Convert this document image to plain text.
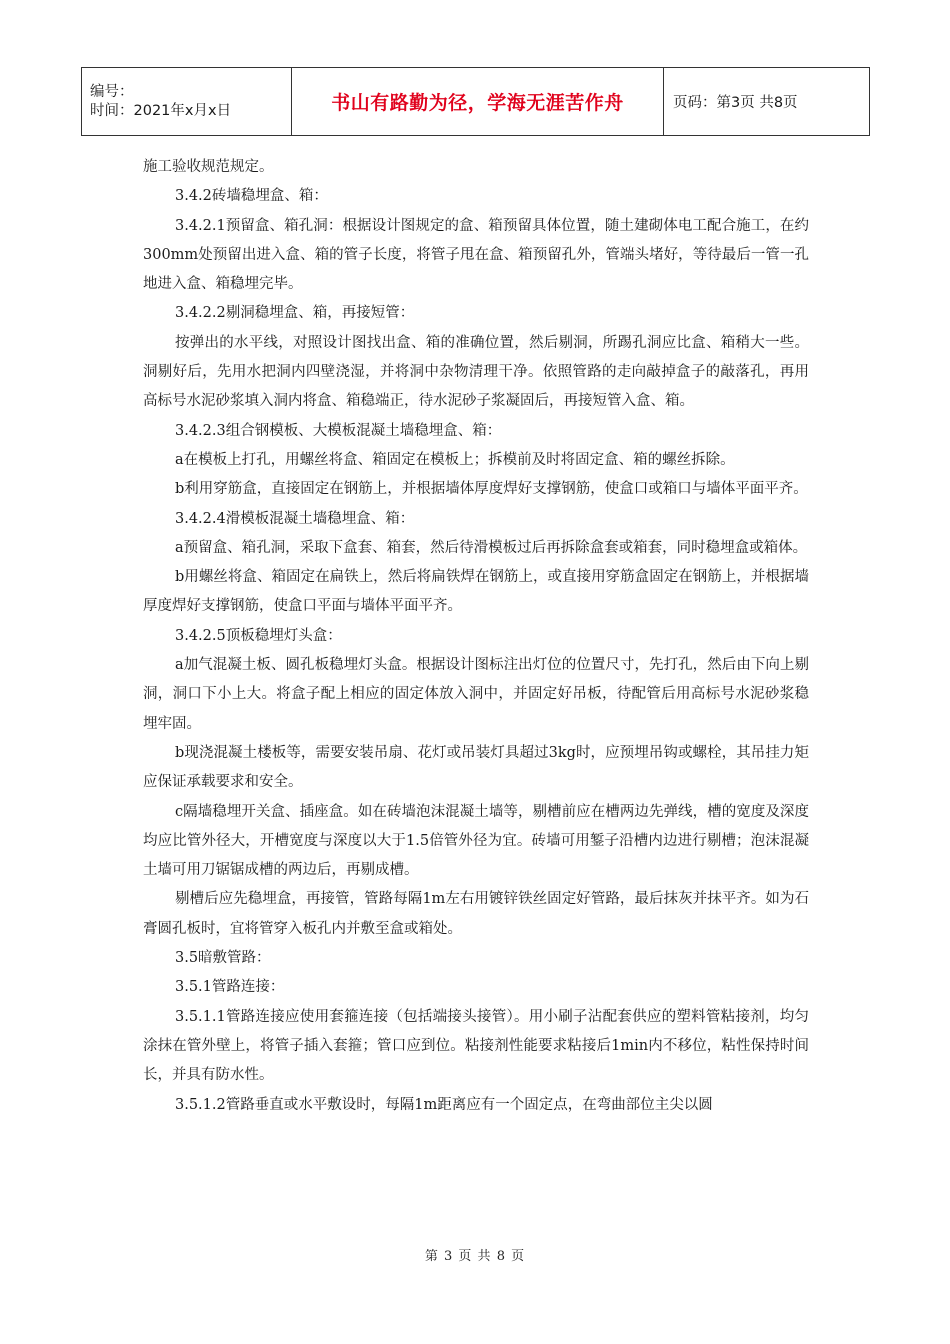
编号：
时间：2021年x月x日	书山有路勤为径，学海无涯苦作舟	页码：第3页 共8页

施工验收规范规定。

3.4.2砖墙稳埋盒、箱：

3.4.2.1预留盒、箱孔洞：根据设计图规定的盒、箱预留具体位置，随土建砌体电工配合施工，在约300mm处预留出进入盒、箱的管子长度，将管子甩在盒、箱预留孔外，管端头堵好，等待最后一管一孔地进入盒、箱稳埋完毕。

3.4.2.2剔洞稳埋盒、箱，再接短管：

按弹出的水平线，对照设计图找出盒、箱的准确位置，然后剔洞，所踢孔洞应比盒、箱稍大一些。洞剔好后，先用水把洞内四壁浇湿，并将洞中杂物清理干净。依照管路的走向敲掉盒子的敲落孔，再用高标号水泥砂浆填入洞内将盒、箱稳端正，待水泥砂子浆凝固后，再接短管入盒、箱。

3.4.2.3组合钢模板、大模板混凝土墙稳埋盒、箱：

a在模板上打孔，用螺丝将盒、箱固定在模板上；拆模前及时将固定盒、箱的螺丝拆除。

b利用穿筋盒，直接固定在钢筋上，并根据墙体厚度焊好支撑钢筋，使盒口或箱口与墙体平面平齐。

3.4.2.4滑模板混凝土墙稳埋盒、箱：

a预留盒、箱孔洞，采取下盒套、箱套，然后待滑模板过后再拆除盒套或箱套，同时稳埋盒或箱体。

b用螺丝将盒、箱固定在扁铁上，然后将扁铁焊在钢筋上，或直接用穿筋盒固定在钢筋上，并根据墙厚度焊好支撑钢筋，使盒口平面与墙体平面平齐。

3.4.2.5顶板稳埋灯头盒：

a加气混凝土板、圆孔板稳埋灯头盒。根据设计图标注出灯位的位置尺寸，先打孔，然后由下向上剔洞，洞口下小上大。将盒子配上相应的固定体放入洞中，并固定好吊板，待配管后用高标号水泥砂浆稳埋牢固。

b现浇混凝土楼板等，需要安装吊扇、花灯或吊装灯具超过3kg时，应预埋吊钩或螺栓，其吊挂力矩应保证承载要求和安全。

c隔墙稳埋开关盒、插座盒。如在砖墙泡沫混凝土墙等，剔槽前应在槽两边先弹线，槽的宽度及深度均应比管外径大，开槽宽度与深度以大于1.5倍管外径为宜。砖墙可用錾子沿槽内边进行剔槽；泡沫混凝土墙可用刀锯锯成槽的两边后，再剔成槽。

剔槽后应先稳埋盒，再接管，管路每隔1m左右用镀锌铁丝固定好管路，最后抹灰并抹平齐。如为石膏圆孔板时，宜将管穿入板孔内并敷至盒或箱处。

3.5暗敷管路：

3.5.1管路连接：

3.5.1.1管路连接应使用套箍连接（包括端接头接管）。用小刷子沾配套供应的塑料管粘接剂，均匀涂抹在管外壁上，将管子插入套箍；管口应到位。粘接剂性能要求粘接后1min内不移位，粘性保持时间长，并具有防水性。

3.5.1.2管路垂直或水平敷设时，每隔1m距离应有一个固定点，在弯曲部位主尖以圆

第 3 页 共 8 页
